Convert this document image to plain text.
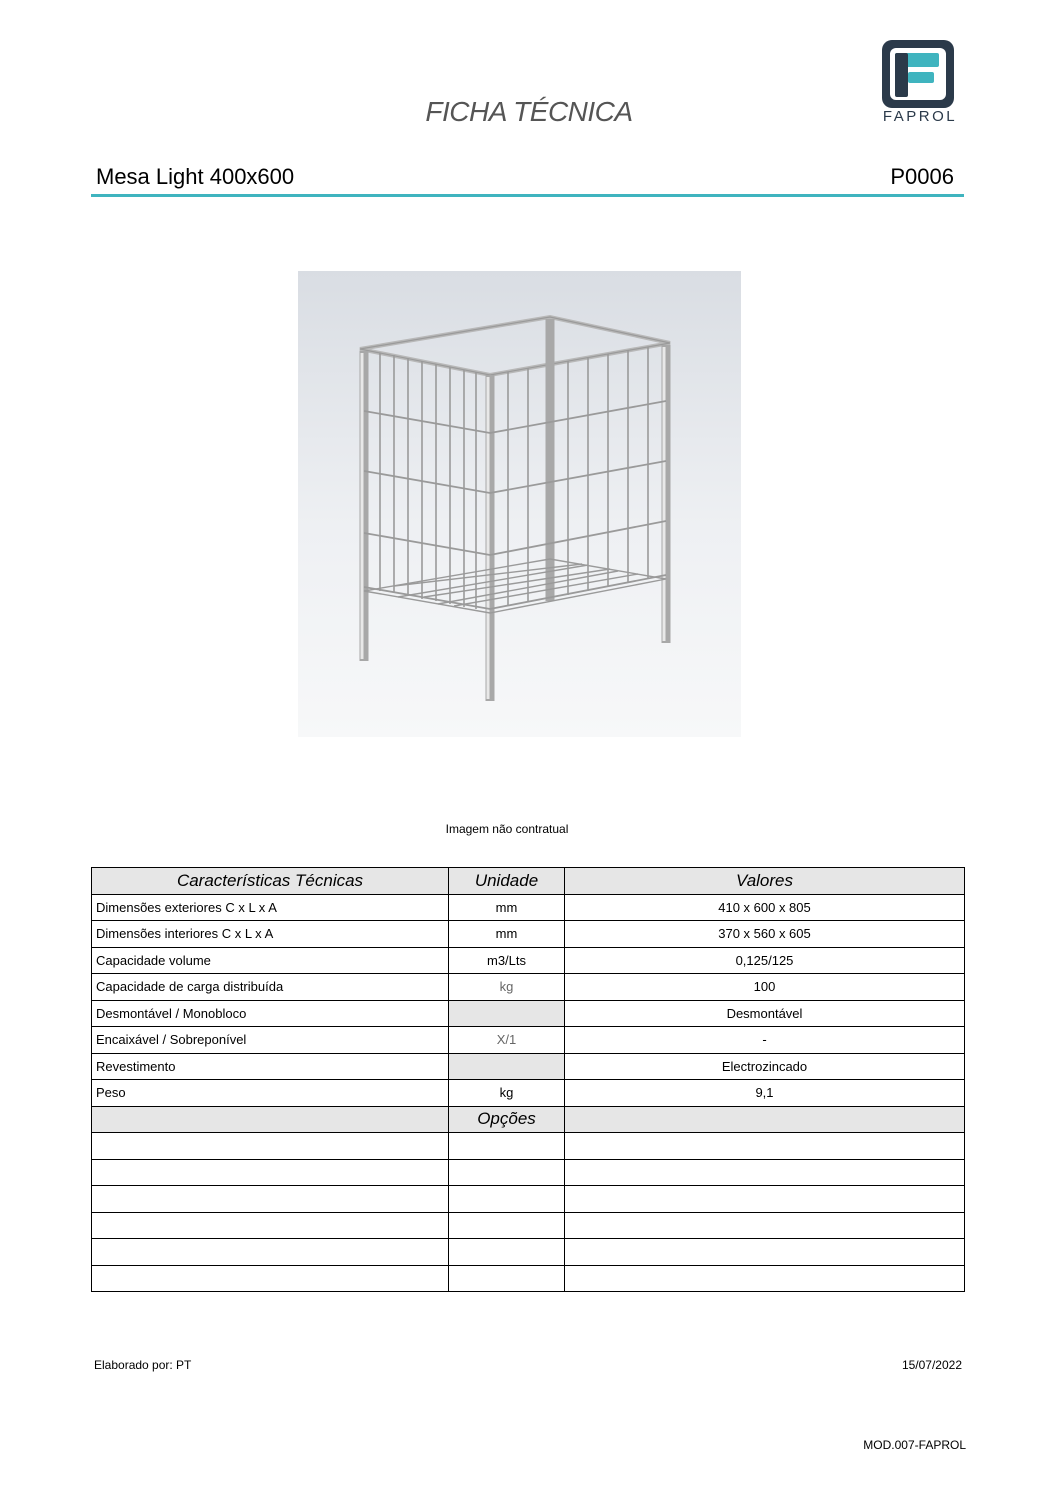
FICHA TÉCNICA	FAPROL
Mesa Light 400x600	P0006
Imagem não contratual
Características Técnicas	Unidade	Valores
Dimensões exteriores C x L x A	mm	410 x 600 x 805
Dimensões interiores C x L x A	mm	370 x 560 x 605
Capacidade volume	m3/Lts	0,125/125
Capacidade de carga distribuída	kg	100
Desmontável / Monobloco		Desmontável
Encaixável / Sobreponível	X/1	-
Revestimento		Electrozincado
Peso	kg	9,1
	Opções	

Elaborado por: PT	15/07/2022
MOD.007-FAPROL
